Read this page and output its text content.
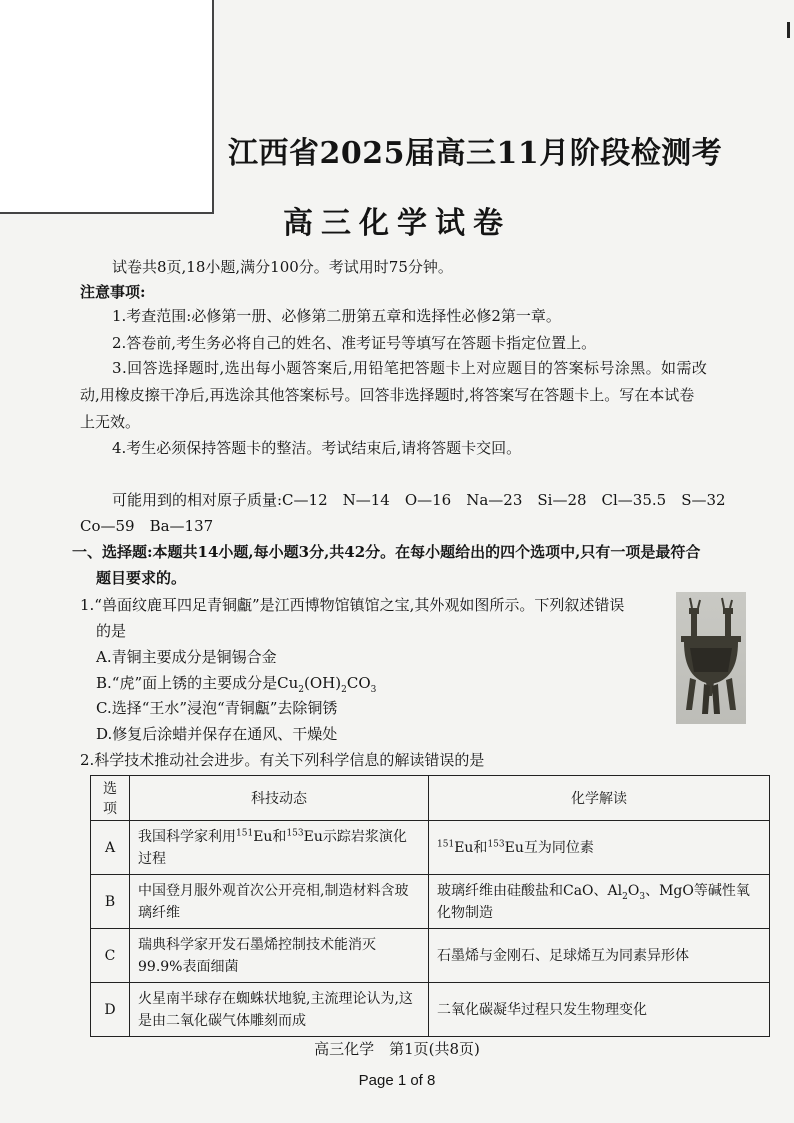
江西省2025届高三11月阶段检测考
高三化学试卷
试卷共8页,18小题,满分100分。考试用时75分钟。
注意事项:
1.考查范围:必修第一册、必修第二册第五章和选择性必修2第一章。
2.答卷前,考生务必将自己的姓名、准考证号等填写在答题卡指定位置上。
3.回答选择题时,选出每小题答案后,用铅笔把答题卡上对应题目的答案标号涂黑。如需改
动,用橡皮擦干净后,再选涂其他答案标号。回答非选择题时,将答案写在答题卡上。写在本试卷
上无效。
4.考生必须保持答题卡的整洁。考试结束后,请将答题卡交回。
可能用到的相对原子质量:C—12　N—14　O—16　Na—23　Si—28　Cl—35.5　S—32
Co—59　Ba—137
一、选择题:本题共14小题,每小题3分,共42分。在每小题给出的四个选项中,只有一项是最符合
题目要求的。
1.“兽面纹鹿耳四足青铜甗”是江西博物馆镇馆之宝,其外观如图所示。下列叙述错误
的是
A.青铜主要成分是铜锡合金
B.“虎”面上锈的主要成分是$Cu_2(OH)_2CO_3$
C.选择“王水”浸泡“青铜甗”去除铜锈
D.修复后涂蜡并保存在通风、干燥处
2.科学技术推动社会进步。有关下列科学信息的解读错误的是
选项	科技动态	化学解读
A	我国科学家利用$^{151}$Eu和$^{153}$Eu示踪岩浆演化过程	$^{151}$Eu和$^{153}$Eu互为同位素
B	中国登月服外观首次公开亮相,制造材料含玻璃纤维	玻璃纤维由硅酸盐和CaO、$Al_2O_3$、MgO等碱性氧化物制造
C	瑞典科学家开发石墨烯控制技术能消灭99.9%表面细菌	石墨烯与金刚石、足球烯互为同素异形体
D	火星南半球存在蜘蛛状地貌,主流理论认为,这是由二氧化碳气体雕刻而成	二氧化碳凝华过程只发生物理变化
高三化学　第1页(共8页)
Page 1 of 8
